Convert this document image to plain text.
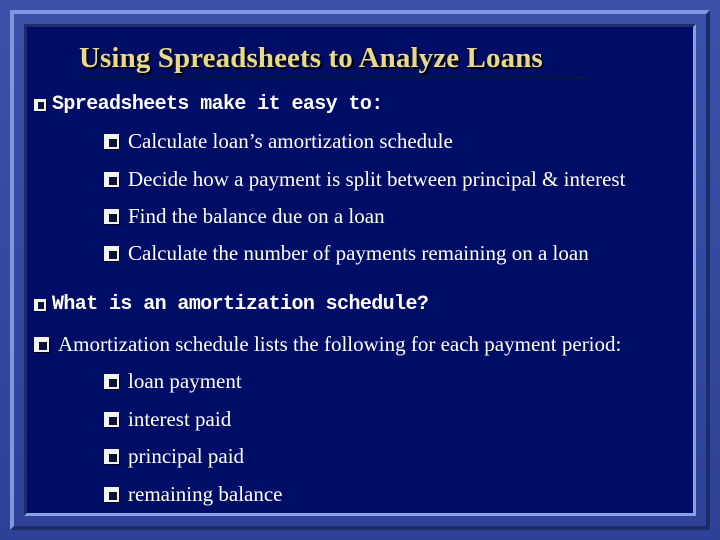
Using Spreadsheets to Analyze Loans
Spreadsheets make it easy to:
Calculate loan’s amortization schedule
Decide how a payment is split between principal & interest
Find the balance due on a loan
Calculate the number of payments remaining on a loan
What is an amortization schedule?
Amortization schedule lists the following for each payment period:
loan payment
interest paid
principal paid
remaining balance
